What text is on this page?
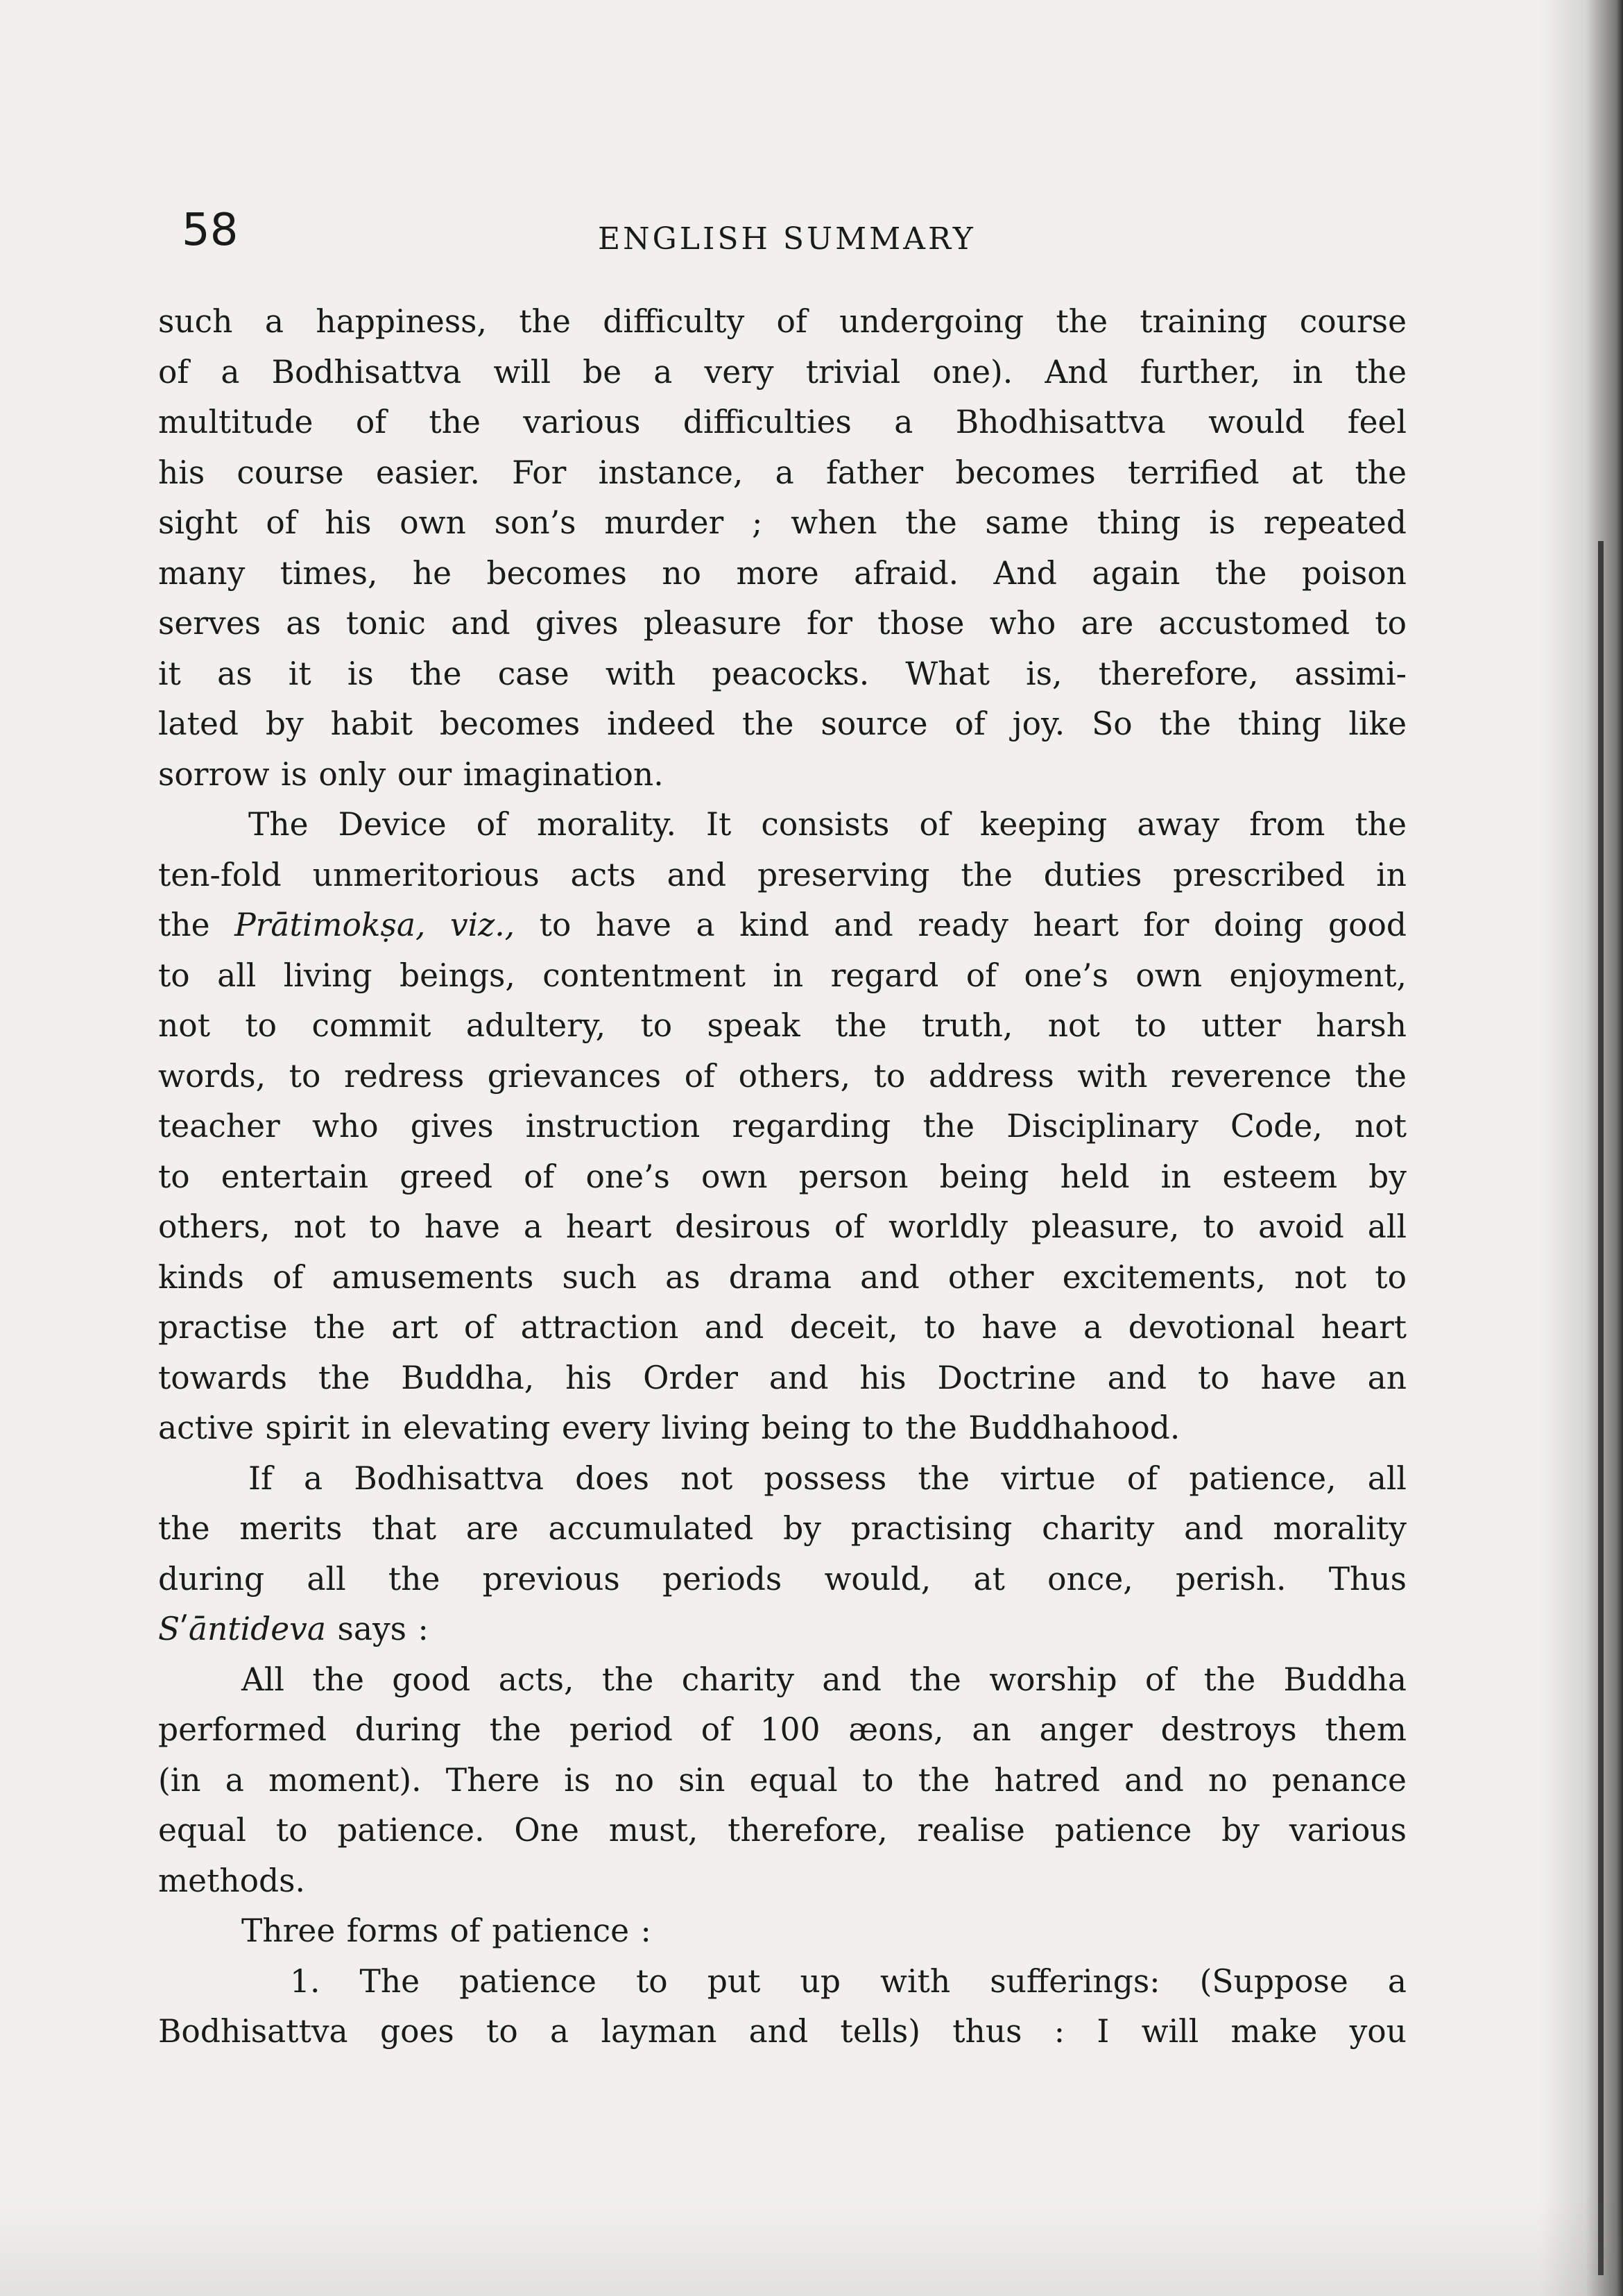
58	ENGLISH SUMMARY
such a happiness, the difficulty of undergoing the training course
of a Bodhisattva will be a very trivial one). And further, in the
multitude of the various difficulties a Bhodhisattva would feel
his course easier. For instance, a father becomes terrified at the
sight of his own son’s murder ; when the same thing is repeated
many times, he becomes no more afraid. And again the poison
serves as tonic and gives pleasure for those who are accustomed to
it as it is the case with peacocks. What is, therefore, assimi-
lated by habit becomes indeed the source of joy. So the thing like
sorrow is only our imagination.
The Device of morality. It consists of keeping away from the
ten-fold unmeritorious acts and preserving the duties prescribed in
the Prātimokṣa, viz., to have a kind and ready heart for doing good
to all living beings, contentment in regard of one’s own enjoyment,
not to commit adultery, to speak the truth, not to utter harsh
words, to redress grievances of others, to address with reverence the
teacher who gives instruction regarding the Disciplinary Code, not
to entertain greed of one’s own person being held in esteem by
others, not to have a heart desirous of worldly pleasure, to avoid all
kinds of amusements such as drama and other excitements, not to
practise the art of attraction and deceit, to have a devotional heart
towards the Buddha, his Order and his Doctrine and to have an
active spirit in elevating every living being to the Buddhahood.
If a Bodhisattva does not possess the virtue of patience, all
the merits that are accumulated by practising charity and morality
during all the previous periods would, at once, perish. Thus
Sʹāntideva says :
All the good acts, the charity and the worship of the Buddha
performed during the period of 100 æons, an anger destroys them
(in a moment). There is no sin equal to the hatred and no penance
equal to patience. One must, therefore, realise patience by various
methods.
Three forms of patience :
1. The patience to put up with sufferings: (Suppose a
Bodhisattva goes to a layman and tells) thus : I will make you
